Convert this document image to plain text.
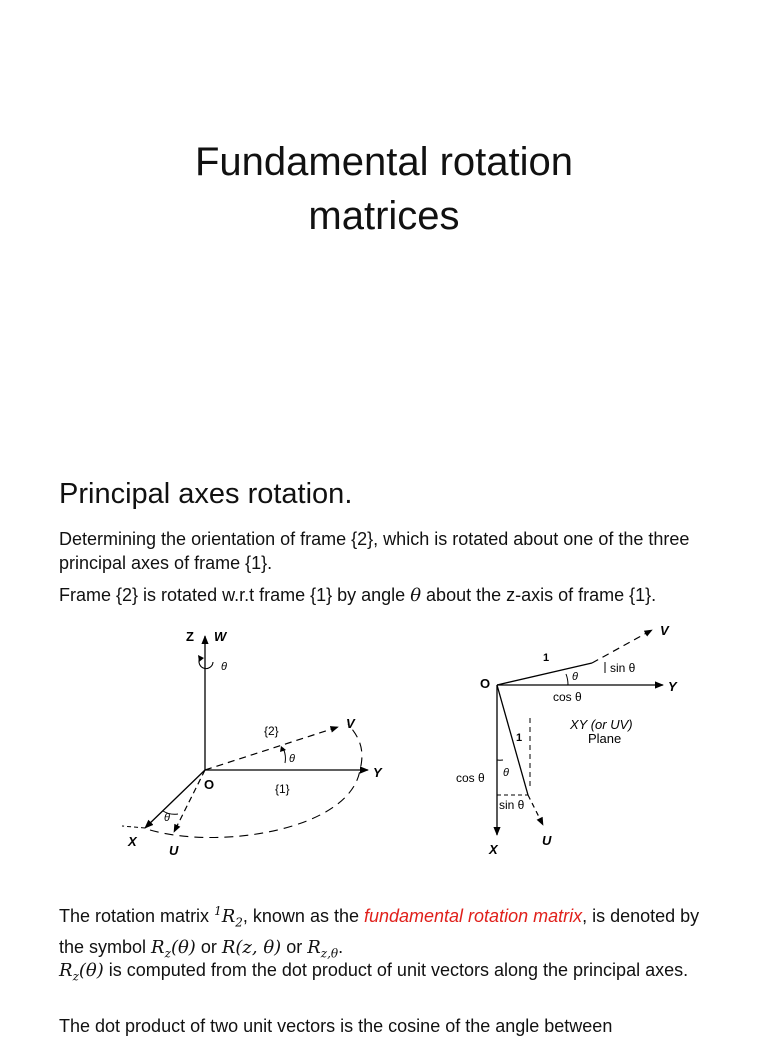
Fundamental rotation
matrices
Principal axes rotation.
Determining the orientation of frame {2}, which is rotated about one of the three principal axes of frame {1}.
Frame {2} is rotated w.r.t frame {1} by angle θ about the z-axis of frame {1}.
Z W
θ
Y
V
{2}
θ
O	{1}
X
U
θ
Y
X
O
V
1
θ
sin θ
cos θ
XY (or UV)
Plane
U
1
θ
cos θ
sin θ
The rotation matrix $^1R_2$, known as the fundamental rotation matrix, is denoted by the symbol $R_z(\theta)$ or R(z, θ) or $R_{z,\theta}$.
$R_z(\theta)$ is computed from the dot product of unit vectors along the principal axes.
The dot product of two unit vectors is the cosine of the angle between
